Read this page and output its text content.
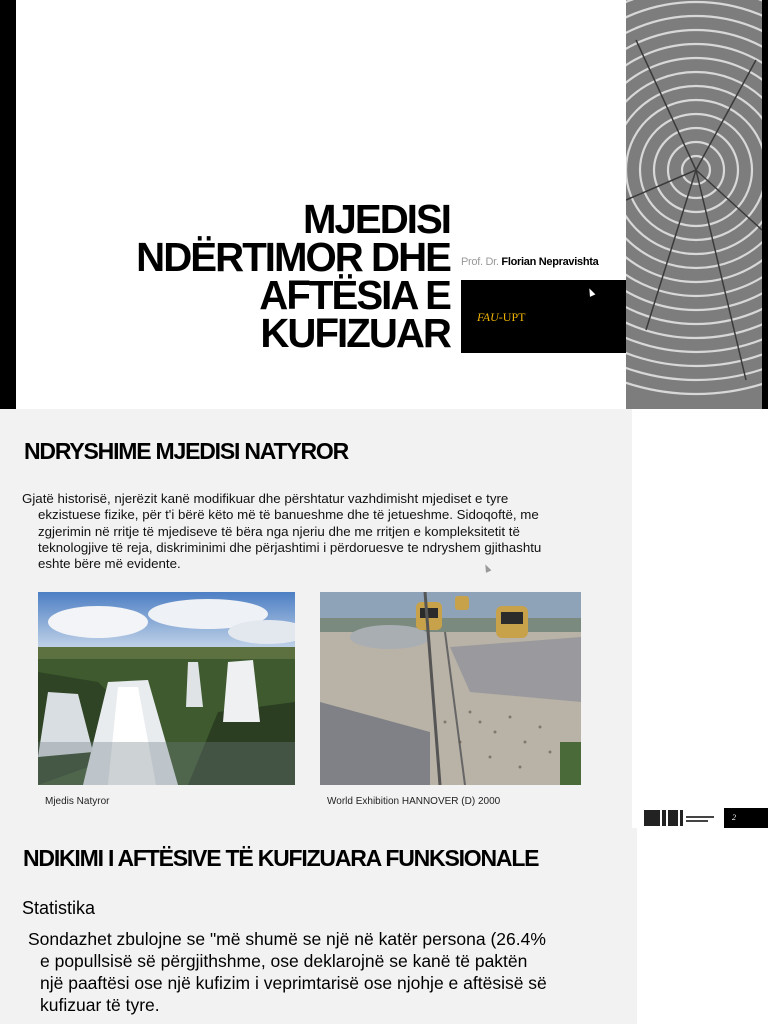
MJEDISI
NDËRTIMOR DHE
AFTËSIA E
KUFIZUAR
Prof. Dr. Florian Nepravishta
FAU-UPT
NDRYSHIME MJEDISI NATYROR
Gjatë historisë, njerëzit kanë modifikuar dhe përshtatur vazhdimisht mjediset e tyre
ekzistuese fizike, për t'i bërë këto më të banueshme dhe të jetueshme. Sidoqoftë, me
zgjerimin në rritje të mjediseve të bëra nga njeriu dhe me rritjen e kompleksitetit të
teknologjive të reja, diskriminimi dhe përjashtimi i përdoruesve te ndryshem gjithashtu
eshte bëre më evidente.
Mjedis Natyror	World Exhibition HANNOVER (D) 2000
2
NDIKIMI I AFTËSIVE TË KUFIZUARA FUNKSIONALE
Statistika
Sondazhet zbulojne se "më shumë se një në katër persona (26.4%
e popullsisë së përgjithshme, ose deklarojnë se kanë të paktën
një paaftësi ose një kufizim i veprimtarisë ose njohje e aftësisë së
kufizuar të tyre.
